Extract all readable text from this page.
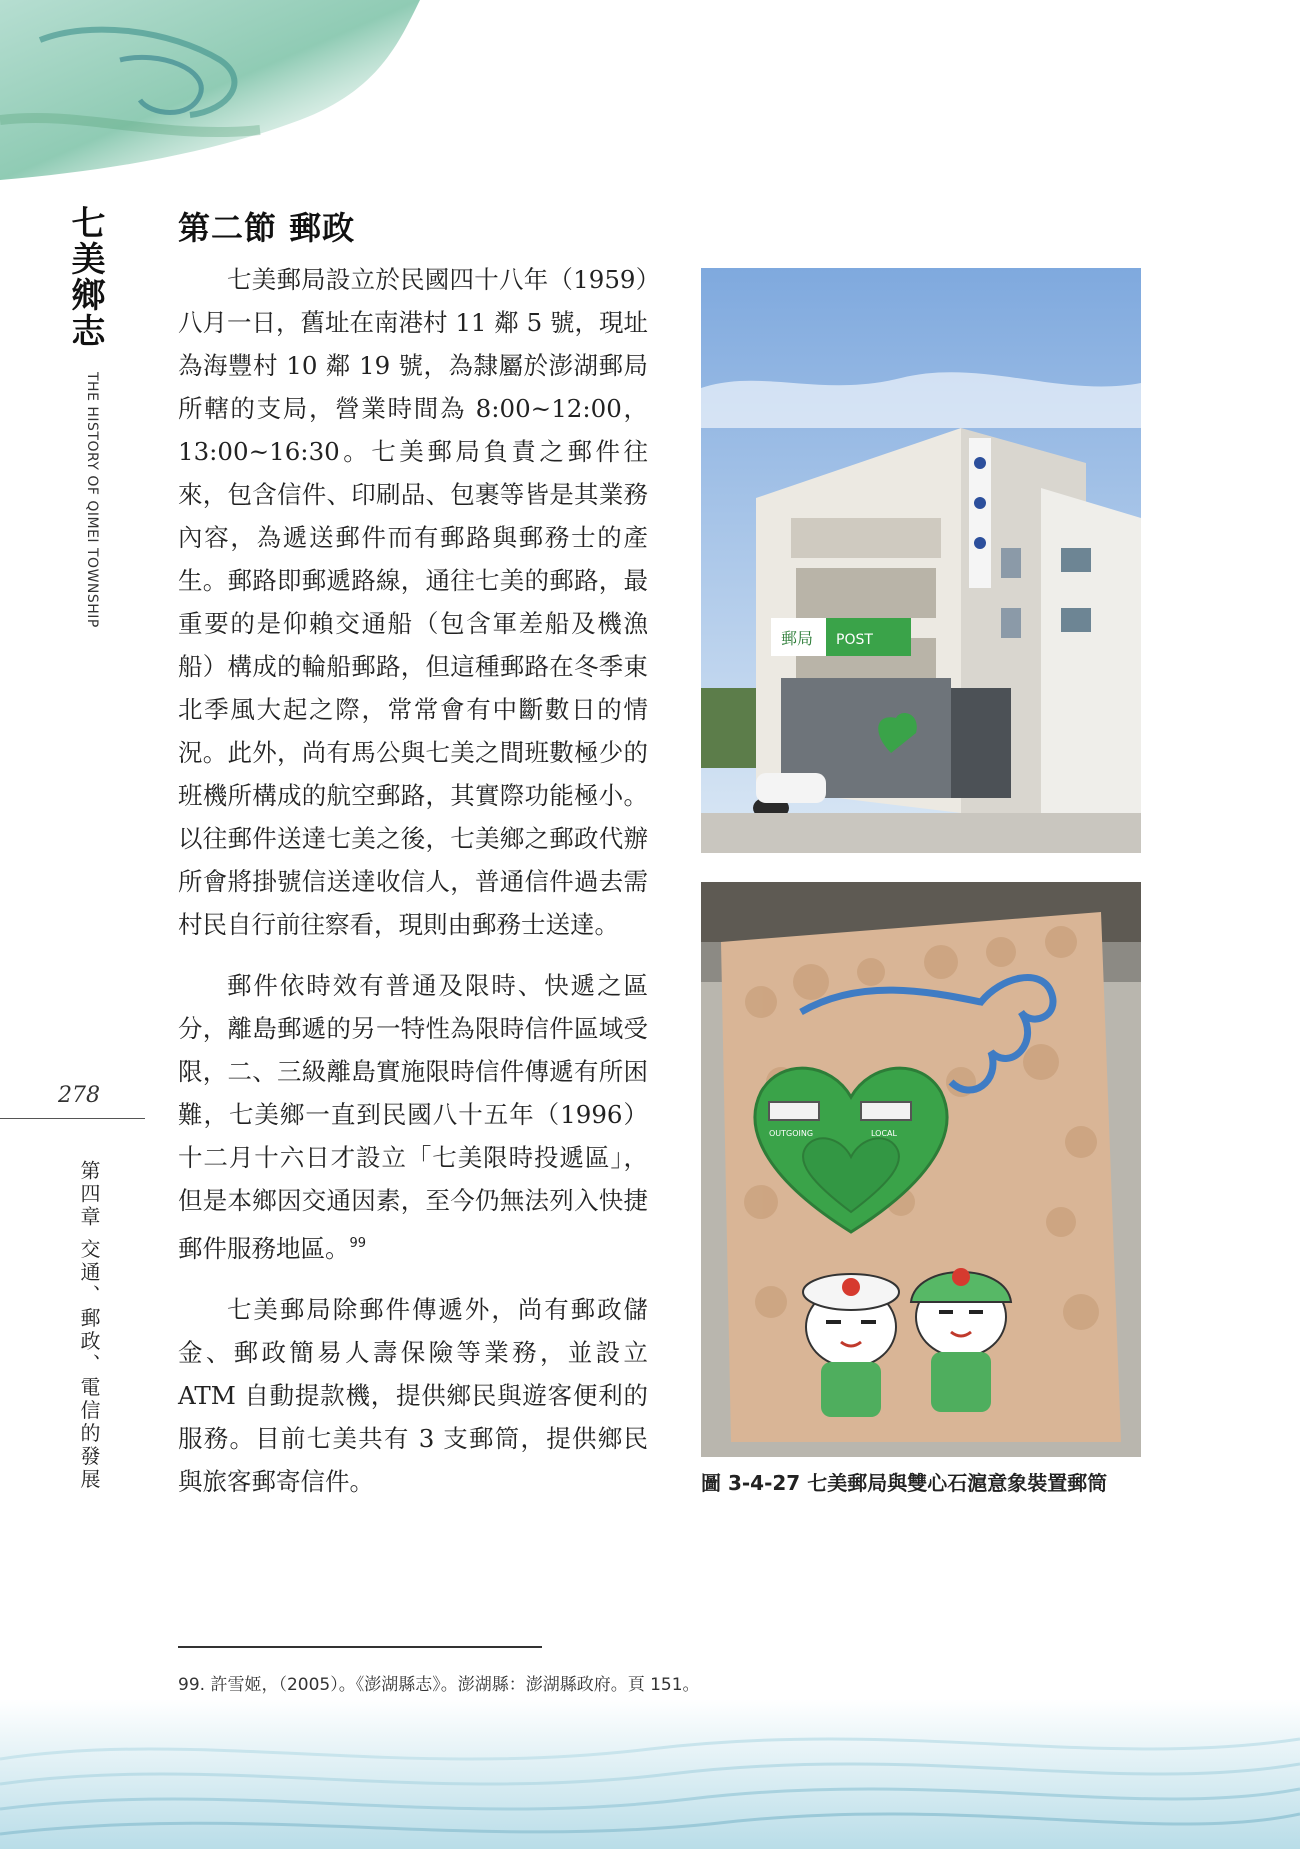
七美鄉志
THE HISTORY OF QIMEI TOWNSHIP
278
第四章 交通、郵政、電信的發展
第二節 郵政

七美郵局設立於民國四十八年（1959）八月一日，舊址在南港村 11 鄰 5 號，現址為海豐村 10 鄰 19 號，為隸屬於澎湖郵局所轄的支局，營業時間為 8:00~12:00，13:00~16:30。七美郵局負責之郵件往來，包含信件、印刷品、包裹等皆是其業務內容，為遞送郵件而有郵路與郵務士的產生。郵路即郵遞路線，通往七美的郵路，最重要的是仰賴交通船（包含軍差船及機漁船）構成的輪船郵路，但這種郵路在冬季東北季風大起之際，常常會有中斷數日的情況。此外，尚有馬公與七美之間班數極少的班機所構成的航空郵路，其實際功能極小。以往郵件送達七美之後，七美鄉之郵政代辦所會將掛號信送達收信人，普通信件過去需村民自行前往察看，現則由郵務士送達。

郵件依時效有普通及限時、快遞之區分，離島郵遞的另一特性為限時信件區域受限，二、三級離島實施限時信件傳遞有所困難，七美鄉一直到民國八十五年（1996）十二月十六日才設立「七美限時投遞區」，但是本鄉因交通因素，至今仍無法列入快捷郵件服務地區。$^{99}$

七美郵局除郵件傳遞外，尚有郵政儲金、郵政簡易人壽保險等業務，並設立 ATM 自動提款機，提供鄉民與遊客便利的服務。目前七美共有 3 支郵筒，提供鄉民與旅客郵寄信件。

郵局 POST
OUTGOING	LOCAL
圖 3-4-27 七美郵局與雙心石滬意象裝置郵筒
99. 許雪姬，（2005）。《澎湖縣志》。澎湖縣：澎湖縣政府。頁 151。
